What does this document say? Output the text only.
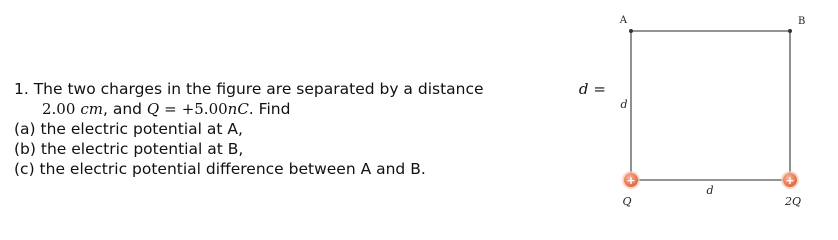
1. The two charges in the figure are separated by a distance	d =
2.00 cm, and Q = +5.00nC. Find
(a) the electric potential at A,
(b) the electric potential at B,
(c) the electric potential difference between A and B.
A	B
d
d
+
Q
+
2Q
